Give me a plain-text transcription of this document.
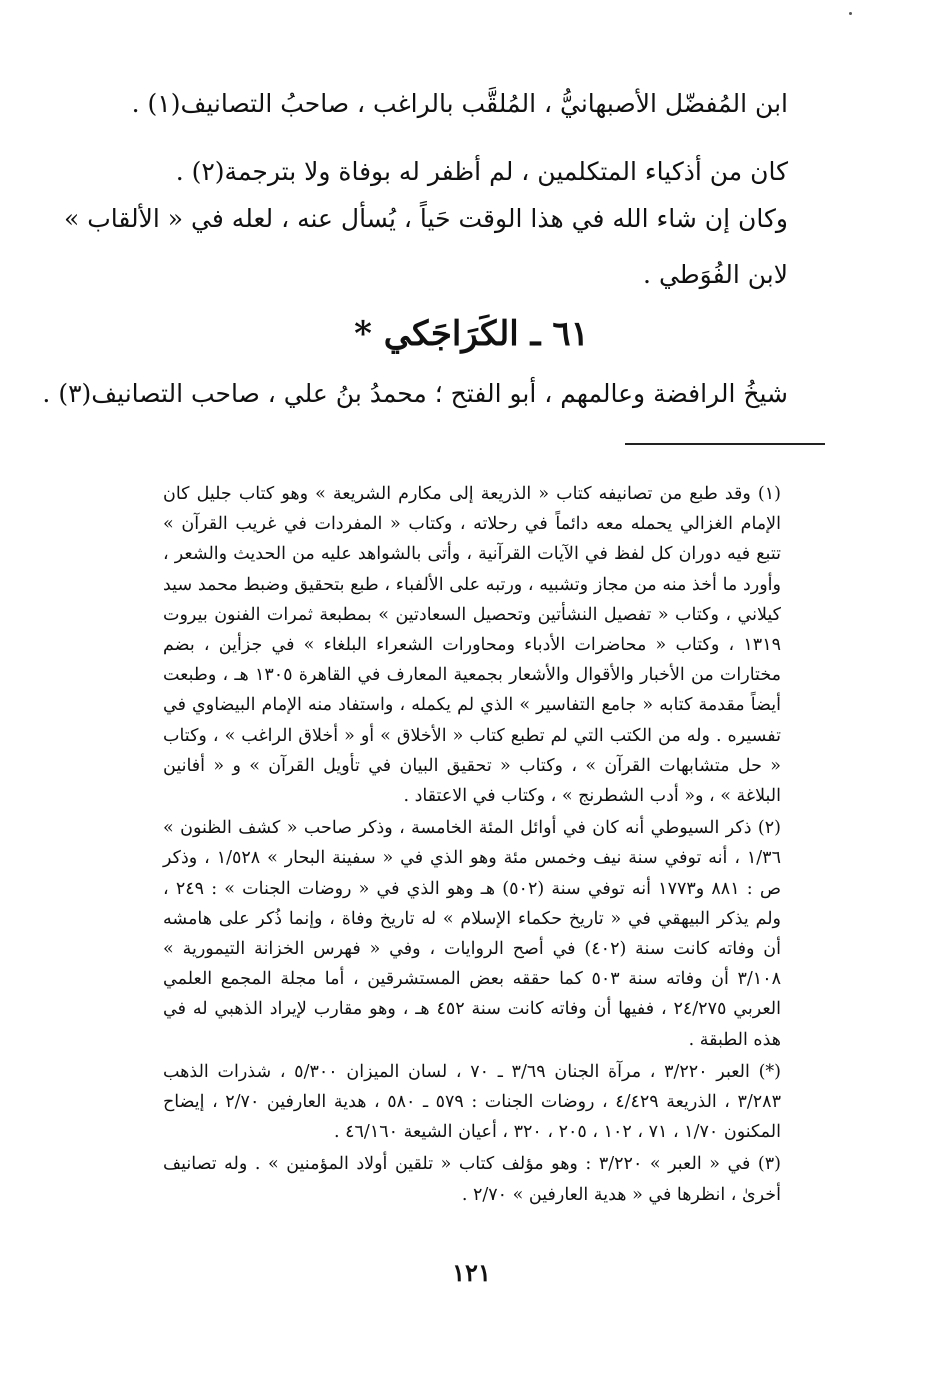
ابن المُفضّل الأصبهانيُّ ، المُلقَّب بالراغب ، صاحبُ التصانيف(١) .
كان من أذكياء المتكلمين ، لم أظفر له بوفاة ولا بترجمة(٢) .
وكان إن شاء الله في هذا الوقت حَياً ، يُسأل عنه ، لعله في « الألقاب »
لابن الفُوَطي .
٦١ ـ الكَرَاجَكي *
شيخُ الرافضة وعالمهم ، أبو الفتح ؛ محمدُ بنُ علي ، صاحب التصانيف(٣) .

(١) وقد طبع من تصانيفه كتاب « الذريعة إلى مكارم الشريعة » وهو كتاب جليل كان الإمام الغزالي يحمله معه دائماً في رحلاته ، وكتاب « المفردات في غريب القرآن » تتبع فيه دوران كل لفظ في الآيات القرآنية ، وأتى بالشواهد عليه من الحديث والشعر ، وأورد ما أخذ منه من مجاز وتشبيه ، ورتبه على الألفباء ، طبع بتحقيق وضبط محمد سيد كيلاني ، وكتاب « تفصيل النشأتين وتحصيل السعادتين » بمطبعة ثمرات الفنون بيروت ١٣١٩ ، وكتاب « محاضرات الأدباء ومحاورات الشعراء البلغاء » في جزأين ، بضم مختارات من الأخبار والأقوال والأشعار بجمعية المعارف في القاهرة ١٣٠٥ هـ ، وطبعت أيضاً مقدمة كتابه « جامع التفاسير » الذي لم يكمله ، واستفاد منه الإمام البيضاوي في تفسيره . وله من الكتب التي لم تطبع كتاب « الأخلاق » أو « أخلاق الراغب » ، وكتاب « حل متشابهات القرآن » ، وكتاب « تحقيق البيان في تأويل القرآن » و « أفانين البلاغة » ، و« أدب الشطرنج » ، وكتاب في الاعتقاد .

(٢) ذكر السيوطي أنه كان في أوائل المئة الخامسة ، وذكر صاحب « كشف الظنون » ١/٣٦ ، أنه توفي سنة نيف وخمس مئة وهو الذي في « سفينة البحار » ١/٥٢٨ ، وذكر ص : ٨٨١ و١٧٧٣ أنه توفي سنة (٥٠٢) هـ وهو الذي في « روضات الجنات » : ٢٤٩ ، ولم يذكر البيهقي في « تاريخ حكماء الإسلام » له تاريخ وفاة ، وإنما ذُكر على هامشه أن وفاته كانت سنة (٤٠٢) في أصح الروايات ، وفي « فهرس الخزانة التيمورية » ٣/١٠٨ أن وفاته سنة ٥٠٣ كما حققه بعض المستشرقين ، أما مجلة المجمع العلمي العربي ٢٤/٢٧٥ ، ففيها أن وفاته كانت سنة ٤٥٢ هـ ، وهو مقارب لإيراد الذهبي له في هذه الطبقة .

(*) العبر ٣/٢٢٠ ، مرآة الجنان ٣/٦٩ ـ ٧٠ ، لسان الميزان ٥/٣٠٠ ، شذرات الذهب ٣/٢٨٣ ، الذريعة ٤/٤٢٩ ، روضات الجنات : ٥٧٩ ـ ٥٨٠ ، هدية العارفين ٢/٧٠ ، إيضاح المكنون ١/٧٠ ، ٧١ ، ١٠٢ ، ٢٠٥ ، ٣٢٠ ، أعيان الشيعة ٤٦/١٦٠ .

(٣) في « العبر » ٣/٢٢٠ : وهو مؤلف كتاب « تلقين أولاد المؤمنين » . وله تصانيف أخرىٰ ، انظرها في « هدية العارفين » ٢/٧٠ .

١٢١
